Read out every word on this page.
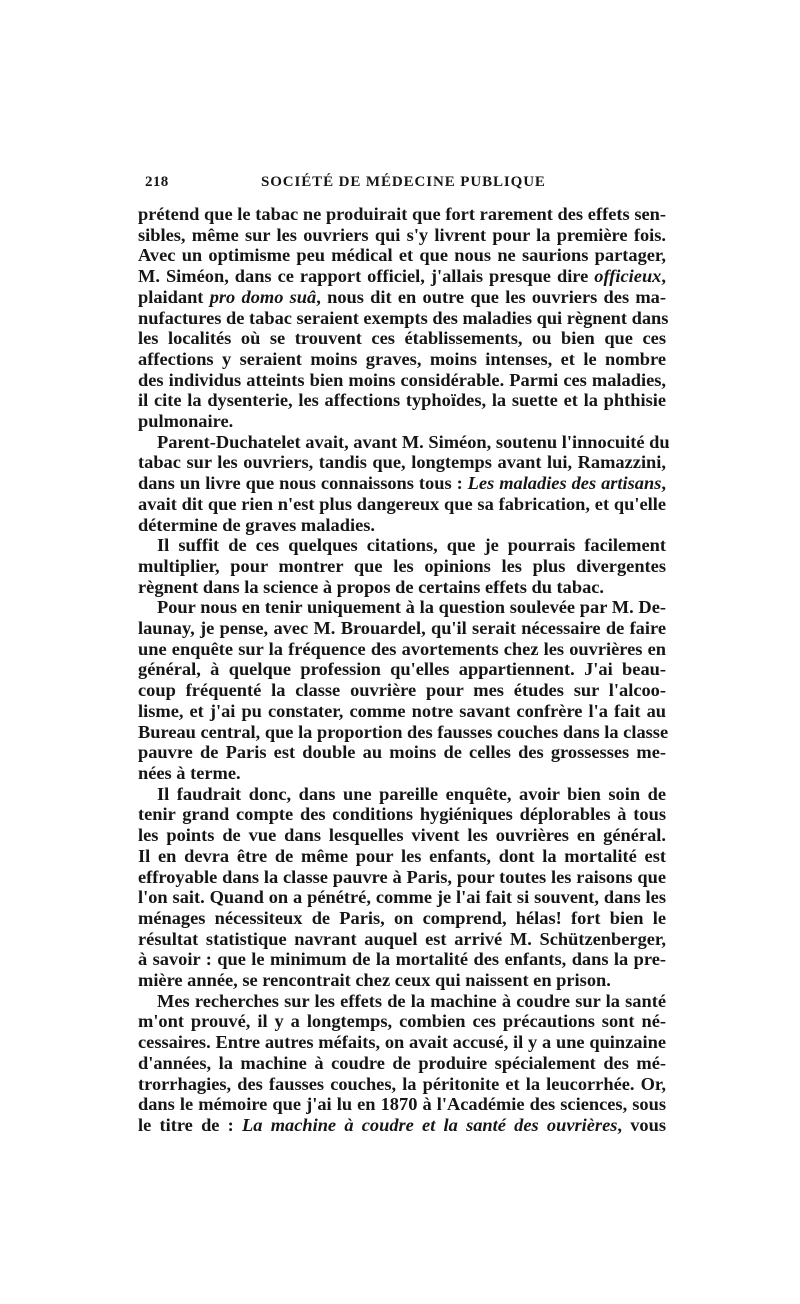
218	SOCIÉTÉ DE MÉDECINE PUBLIQUE
prétend que le tabac ne produirait que fort rarement des effets sen-
sibles, même sur les ouvriers qui s'y livrent pour la première fois.
Avec un optimisme peu médical et que nous ne saurions partager,
M. Siméon, dans ce rapport officiel, j'allais presque dire officieux,
plaidant pro domo suâ, nous dit en outre que les ouvriers des ma-
nufactures de tabac seraient exempts des maladies qui règnent dans
les localités où se trouvent ces établissements, ou bien que ces
affections y seraient moins graves, moins intenses, et le nombre
des individus atteints bien moins considérable. Parmi ces maladies,
il cite la dysenterie, les affections typhoïdes, la suette et la phthisie
pulmonaire.
Parent-Duchatelet avait, avant M. Siméon, soutenu l'innocuité du
tabac sur les ouvriers, tandis que, longtemps avant lui, Ramazzini,
dans un livre que nous connaissons tous : Les maladies des artisans,
avait dit que rien n'est plus dangereux que sa fabrication, et qu'elle
détermine de graves maladies.
Il suffit de ces quelques citations, que je pourrais facilement
multiplier, pour montrer que les opinions les plus divergentes
règnent dans la science à propos de certains effets du tabac.
Pour nous en tenir uniquement à la question soulevée par M. De-
launay, je pense, avec M. Brouardel, qu'il serait nécessaire de faire
une enquête sur la fréquence des avortements chez les ouvrières en
général, à quelque profession qu'elles appartiennent. J'ai beau-
coup fréquenté la classe ouvrière pour mes études sur l'alcoo-
lisme, et j'ai pu constater, comme notre savant confrère l'a fait au
Bureau central, que la proportion des fausses couches dans la classe
pauvre de Paris est double au moins de celles des grossesses me-
nées à terme.
Il faudrait donc, dans une pareille enquête, avoir bien soin de
tenir grand compte des conditions hygiéniques déplorables à tous
les points de vue dans lesquelles vivent les ouvrières en général.
Il en devra être de même pour les enfants, dont la mortalité est
effroyable dans la classe pauvre à Paris, pour toutes les raisons que
l'on sait. Quand on a pénétré, comme je l'ai fait si souvent, dans les
ménages nécessiteux de Paris, on comprend, hélas! fort bien le
résultat statistique navrant auquel est arrivé M. Schützenberger,
à savoir : que le minimum de la mortalité des enfants, dans la pre-
mière année, se rencontrait chez ceux qui naissent en prison.
Mes recherches sur les effets de la machine à coudre sur la santé
m'ont prouvé, il y a longtemps, combien ces précautions sont né-
cessaires. Entre autres méfaits, on avait accusé, il y a une quinzaine
d'années, la machine à coudre de produire spécialement des mé-
trorrhagies, des fausses couches, la péritonite et la leucorrhée. Or,
dans le mémoire que j'ai lu en 1870 à l'Académie des sciences, sous
le titre de : La machine à coudre et la santé des ouvrières, vous
